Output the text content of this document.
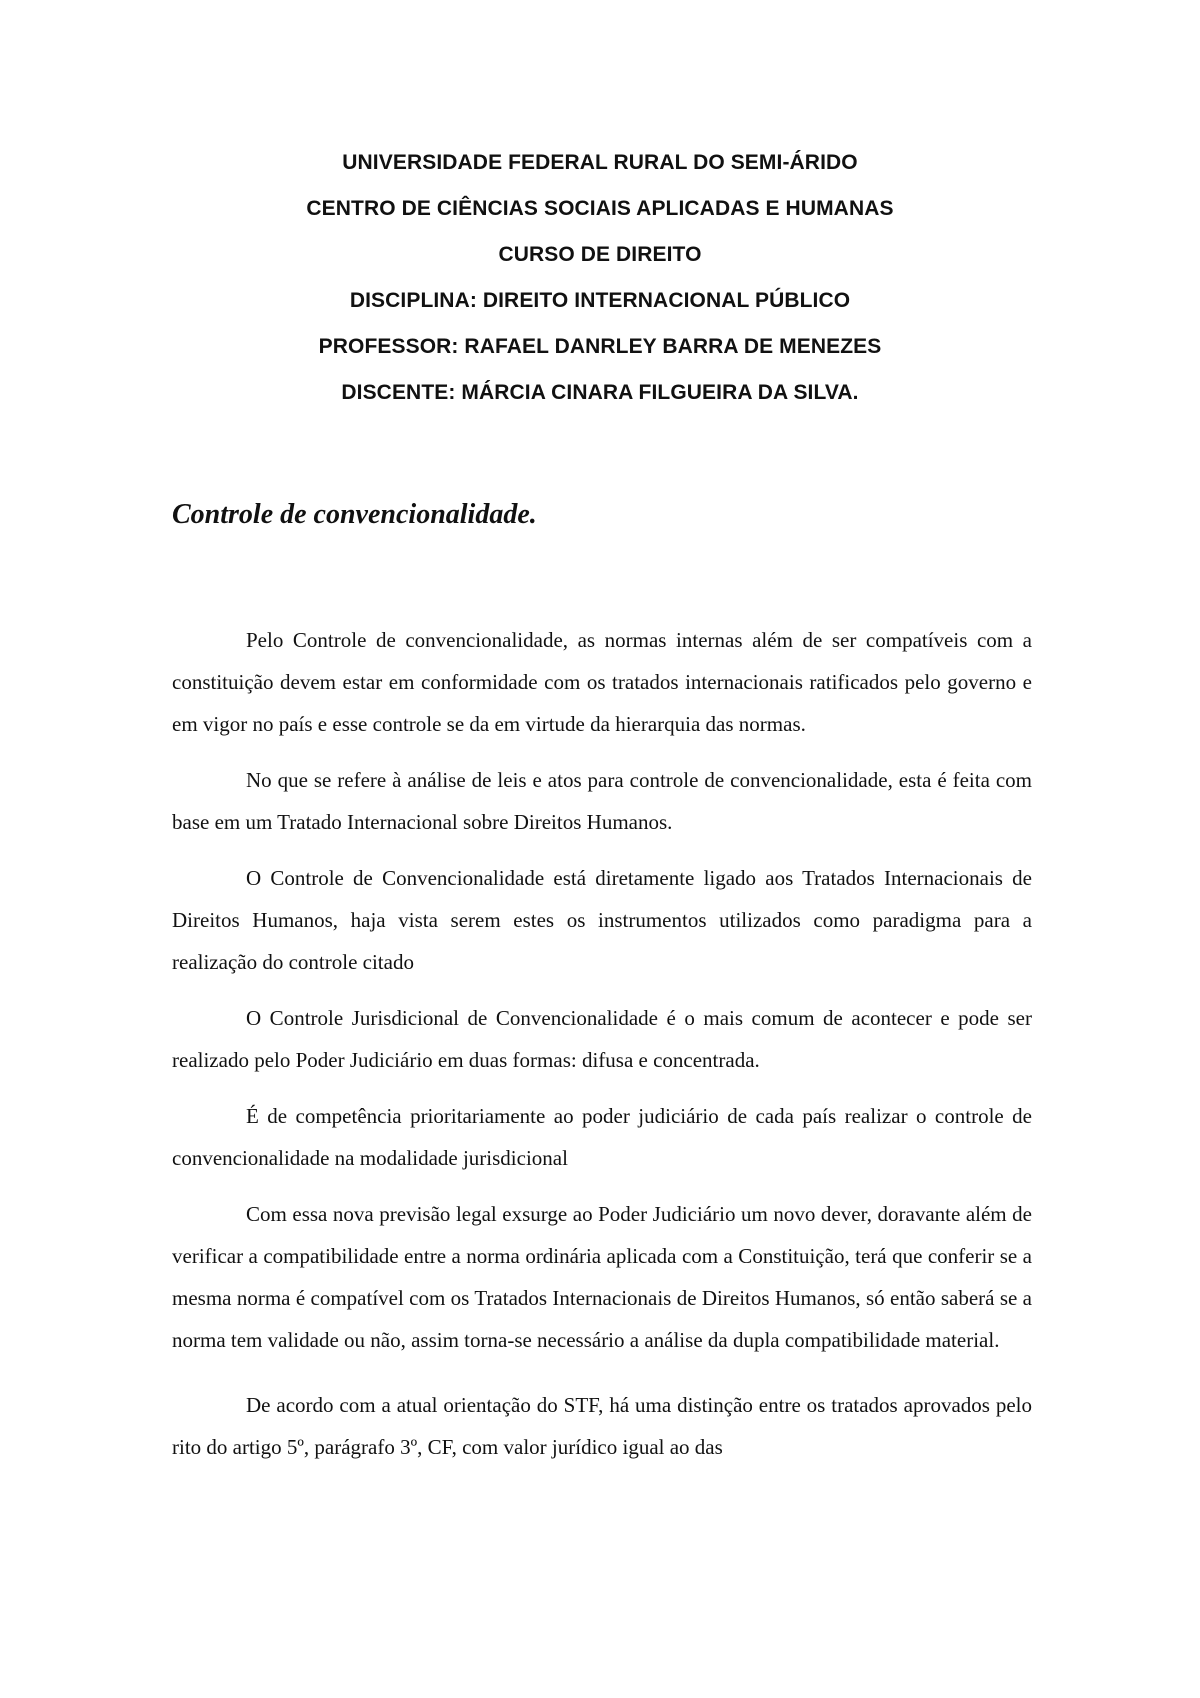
UNIVERSIDADE FEDERAL RURAL DO SEMI-ÁRIDO
CENTRO DE CIÊNCIAS SOCIAIS APLICADAS E HUMANAS
CURSO DE DIREITO
DISCIPLINA: DIREITO INTERNACIONAL PÚBLICO
PROFESSOR: RAFAEL DANRLEY BARRA DE MENEZES
DISCENTE: MÁRCIA CINARA FILGUEIRA DA SILVA.
Controle de convencionalidade.

Pelo Controle de convencionalidade, as normas internas além de ser compatíveis com a constituição devem estar em conformidade com os tratados internacionais ratificados pelo governo e em vigor no país e esse controle se da em virtude da hierarquia das normas.

No que se refere à análise de leis e atos para controle de convencionalidade, esta é feita com base em um Tratado Internacional sobre Direitos Humanos.

O Controle de Convencionalidade está diretamente ligado aos Tratados Internacionais de Direitos Humanos, haja vista serem estes os instrumentos utilizados como paradigma para a realização do controle citado

O Controle Jurisdicional de Convencionalidade é o mais comum de acontecer e pode ser realizado pelo Poder Judiciário em duas formas: difusa e concentrada.

É de competência prioritariamente ao poder judiciário de cada país realizar o controle de convencionalidade na modalidade jurisdicional

Com essa nova previsão legal exsurge ao Poder Judiciário um novo dever, doravante além de verificar a compatibilidade entre a norma ordinária aplicada com a Constituição, terá que conferir se a mesma norma é compatível com os Tratados Internacionais de Direitos Humanos, só então saberá se a norma tem validade ou não, assim torna-se necessário a análise da dupla compatibilidade material.

De acordo com a atual orientação do STF, há uma distinção entre os tratados aprovados pelo rito do artigo 5º, parágrafo 3º, CF, com valor jurídico igual ao das
